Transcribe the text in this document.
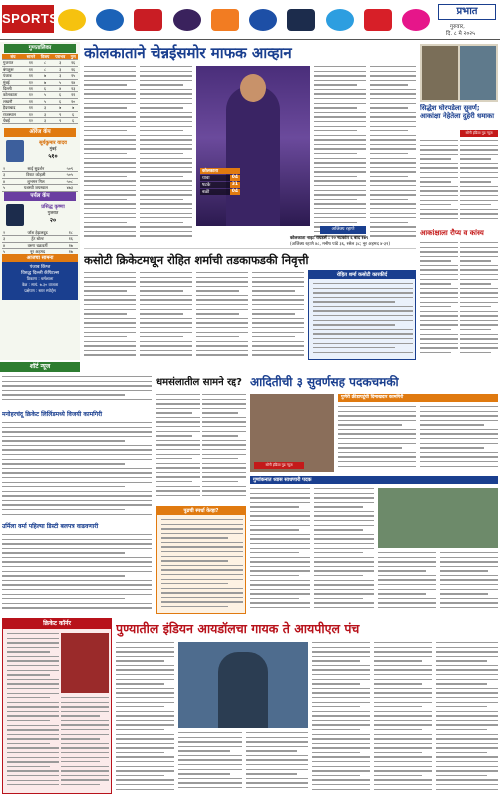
SPORTS	प्रभात
गुरुवार,
दि. ८ मे २०२५
गुणतालिका
संघ	सामने	विजय	पराभव	गुण
गुजरात	११	८	३	१६
बंगळुरू	११	८	३	१६
पंजाब	११	७	३	१५
मुंबई	१२	७	५	१४
दिल्ली	११	६	४	१३
कोलकाता	१२	५	६	११
लखनौ	११	५	६	१०
हैदराबाद	११	३	७	७
राजस्थान	१२	३	९	६
चेन्नई	१२	३	९	६
ऑरेंज कॅप
सूर्यकुमार यादव
मुंबई
५१०
२	साई सुदर्शन	५०९
३	विराट कोहली	५०५
४	शुभमन गिल	५०८
५	यशस्वी जयस्वाल	४७३
पर्पल कॅप
प्रसिद्ध कृष्णा
गुजरात
२०
२	जॉश हेझलवूड	१८
३	ट्रेंट बोल्ट	१६
४	वरुण चक्रवर्ती	१७
५	नूर अहमद	१७
आजचा सामना
पंजाब किंग्ज
विरुद्ध दिल्ली कॅपिटल्स
ठिकाण : धर्मशाला
वेळ : सायं. ७.३० वाजता
प्रक्षेपण : स्टार स्पोर्ट्स
शॉर्ट न्यूज
कोलकाताने चेन्नईसमोर माफक आव्हान
कोलकाता
धावा	04
षटके	31
बळी	04
अजिंक्य रहाणे
कोलकाता नाइट रायडर्स : २० षटकांत ६ बाद १७९
(अजिंक्य रहाणे ४८, मनीष पांडे ३६, रसेल ३८; नूर अहमद ४-३१)
कसोटी क्रिकेटमधून रोहित शर्माची तडकाफडकी निवृत्ती
रोहित शर्मा कसोटी कारकीर्द
सिद्धेश घोरपडेला सुवर्ण; आकांक्षा नेहेतेला दुहेरी धमाका
सोनी इंडिया गुड न्यूज
आकांक्षाला रौप्य व कांस्य
मनोहरचंदू क्रिकेट लिलिंडमध्ये विजयी कामगिरी
उर्मिला वर्मा पहिल्या डिस्टी बलपत्र वाढवणारी
धमसंलातील सामने रद्द?
पुढची स्पर्धा केव्हा?
आदितीची ३ सुवर्णसह पदकचमकी
सोनी इंडिया गुड न्यूज
पुणेरी क्रीडापटूंची दिमाखदार कामगिरी
गुणांकनात ध्यास साधणारी पदक
क्रिकेट कॉर्नर	पुण्यातील इंडियन आयडॉलचा गायक ते आयपीएल पंच
